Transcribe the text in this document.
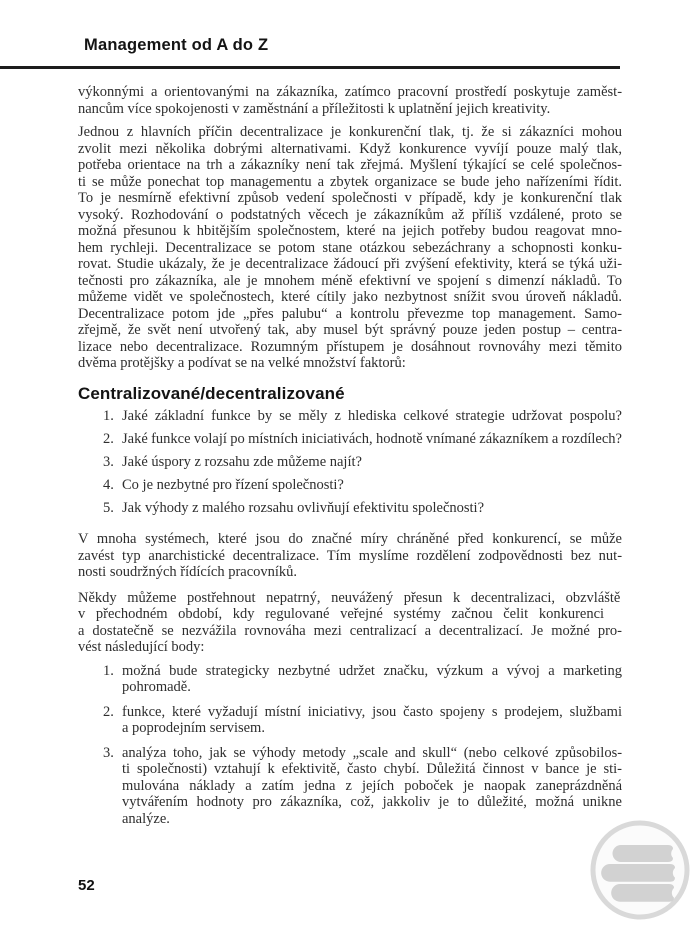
Management od A do Z
výkonnými a orientovanými na zákazníka, zatímco pracovní prostředí poskytuje zaměst-
nancům více spokojenosti v zaměstnání a příležitosti k uplatnění jejich kreativity.
Jednou z hlavních příčin decentralizace je konkurenční tlak, tj. že si zákazníci mohou
zvolit mezi několika dobrými alternativami. Když konkurence vyvíjí pouze malý tlak,
potřeba orientace na trh a zákazníky není tak zřejmá. Myšlení týkající se celé společnos-
ti se může ponechat top managementu a zbytek organizace se bude jeho nařízeními řídit.
To je nesmírně efektivní způsob vedení společnosti v případě, kdy je konkurenční tlak
vysoký. Rozhodování o podstatných věcech je zákazníkům až příliš vzdálené, proto se
možná přesunou k hbitějším společnostem, které na jejich potřeby budou reagovat mno-
hem rychleji. Decentralizace se potom stane otázkou sebezáchrany a schopnosti konku-
rovat. Studie ukázaly, že je decentralizace žádoucí při zvýšení efektivity, která se týká uži-
tečnosti pro zákazníka, ale je mnohem méně efektivní ve spojení s dimenzí nákladů. To
můžeme vidět ve společnostech, které cítily jako nezbytnost snížit svou úroveň nákladů.
Decentralizace potom jde „přes palubu“ a kontrolu převezme top management. Samo-
zřejmě, že svět není utvořený tak, aby musel být správný pouze jeden postup – centra-
lizace nebo decentralizace. Rozumným přístupem je dosáhnout rovnováhy mezi těmito
dvěma protějšky a podívat se na velké množství faktorů:
Centralizované/decentralizované
1. Jaké základní funkce by se měly z hlediska celkové strategie udržovat pospolu?
2. Jaké funkce volají po místních iniciativách, hodnotě vnímané zákazníkem a rozdílech?
3. Jaké úspory z rozsahu zde můžeme najít?
4. Co je nezbytné pro řízení společnosti?
5. Jak výhody z malého rozsahu ovlivňují efektivitu společnosti?
V mnoha systémech, které jsou do značné míry chráněné před konkurencí, se může
zavést typ anarchistické decentralizace. Tím myslíme rozdělení zodpovědnosti bez nut-
nosti soudržných řídících pracovníků.
Někdy můžeme postřehnout nepatrný, neuvážený přesun k decentralizaci, obzvláště
v přechodném období, kdy regulované veřejné systémy začnou čelit konkurenci
a dostatečně se nezvážila rovnováha mezi centralizací a decentralizací. Je možné pro-
vést následující body:
1. možná bude strategicky nezbytné udržet značku, výzkum a vývoj a marketing
pohromadě.
2. funkce, které vyžadují místní iniciativy, jsou často spojeny s prodejem, službami
a poprodejním servisem.
3. analýza toho, jak se výhody metody „scale and skull“ (nebo celkové způsobilos-
ti společnosti) vztahují k efektivitě, často chybí. Důležitá činnost v bance je sti-
mulována náklady a zatím jedna z jejích poboček je naopak zaneprázdněná
vytvářením hodnoty pro zákazníka, což, jakkoliv je to důležité, možná unikne
analýze.
52
